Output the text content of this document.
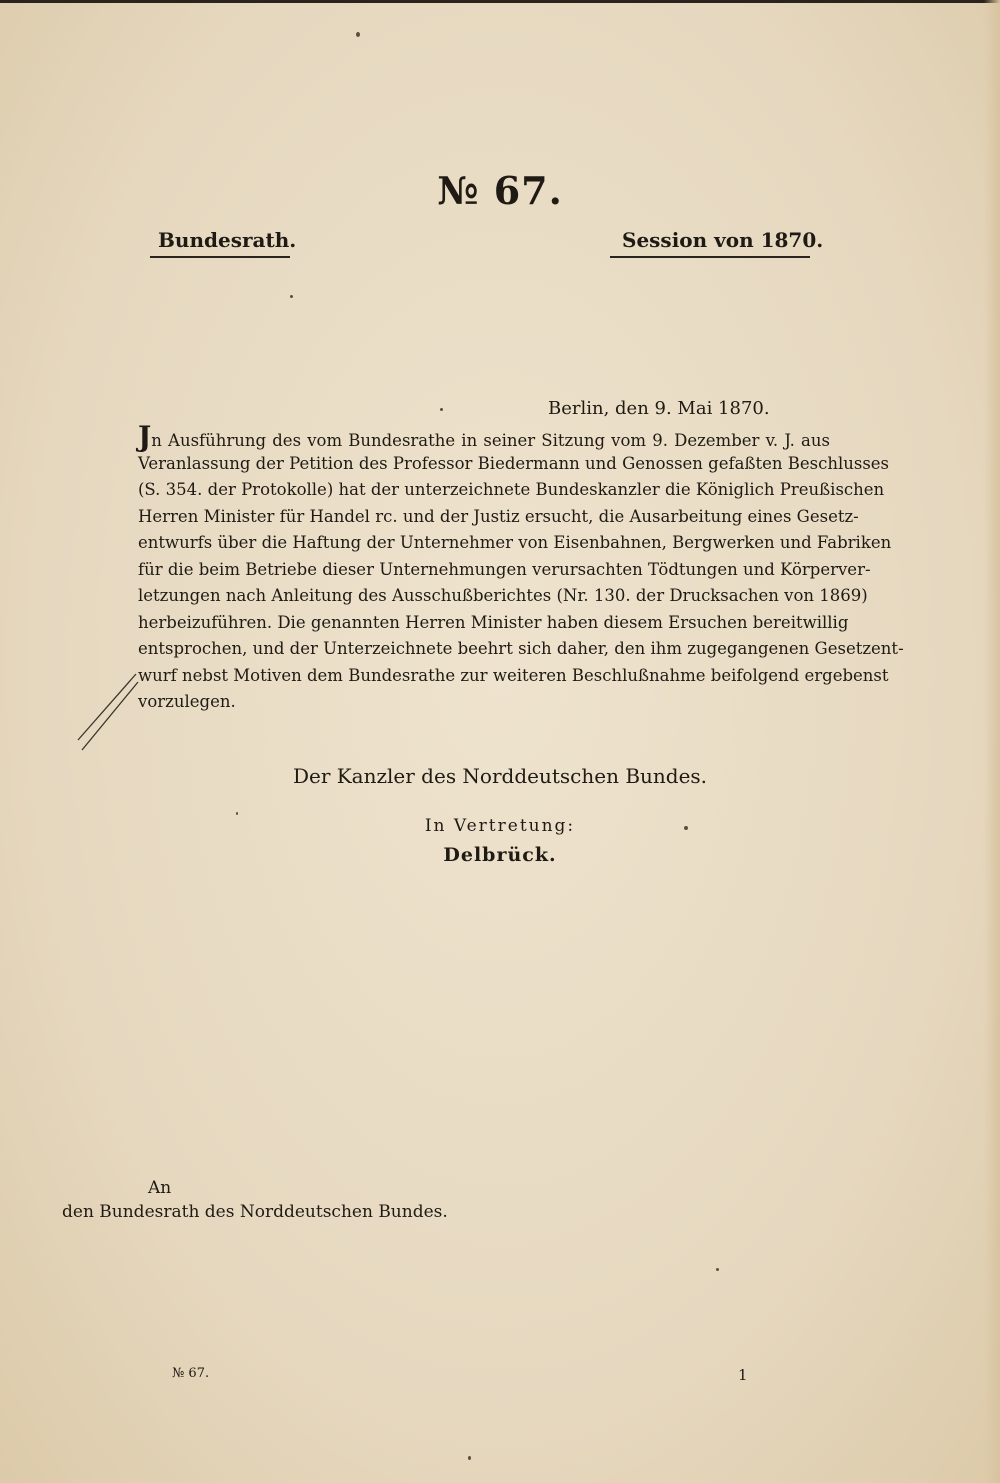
№ 67.
Bundesrath.	Session von 1870.
Berlin, den 9. Mai 1870.
Jn Ausführung des vom Bundesrathe in seiner Sitzung vom 9. Dezember v. J. aus
Veranlassung der Petition des Professor Biedermann und Genossen gefaßten Beschlusses
(S. 354. der Protokolle) hat der unterzeichnete Bundeskanzler die Königlich Preußischen
Herren Minister für Handel rc. und der Justiz ersucht, die Ausarbeitung eines Gesetz-
entwurfs über die Haftung der Unternehmer von Eisenbahnen, Bergwerken und Fabriken
für die beim Betriebe dieser Unternehmungen verursachten Tödtungen und Körperver-
letzungen nach Anleitung des Ausschußberichtes (Nr. 130. der Drucksachen von 1869)
herbeizuführen. Die genannten Herren Minister haben diesem Ersuchen bereitwillig
entsprochen, und der Unterzeichnete beehrt sich daher, den ihm zugegangenen Gesetzent-
wurf nebst Motiven dem Bundesrathe zur weiteren Beschlußnahme beifolgend ergebenst
vorzulegen.
Der Kanzler des Norddeutschen Bundes.
In Vertretung:
Delbrück.
An
den Bundesrath des Norddeutschen Bundes.
№ 67.	1
